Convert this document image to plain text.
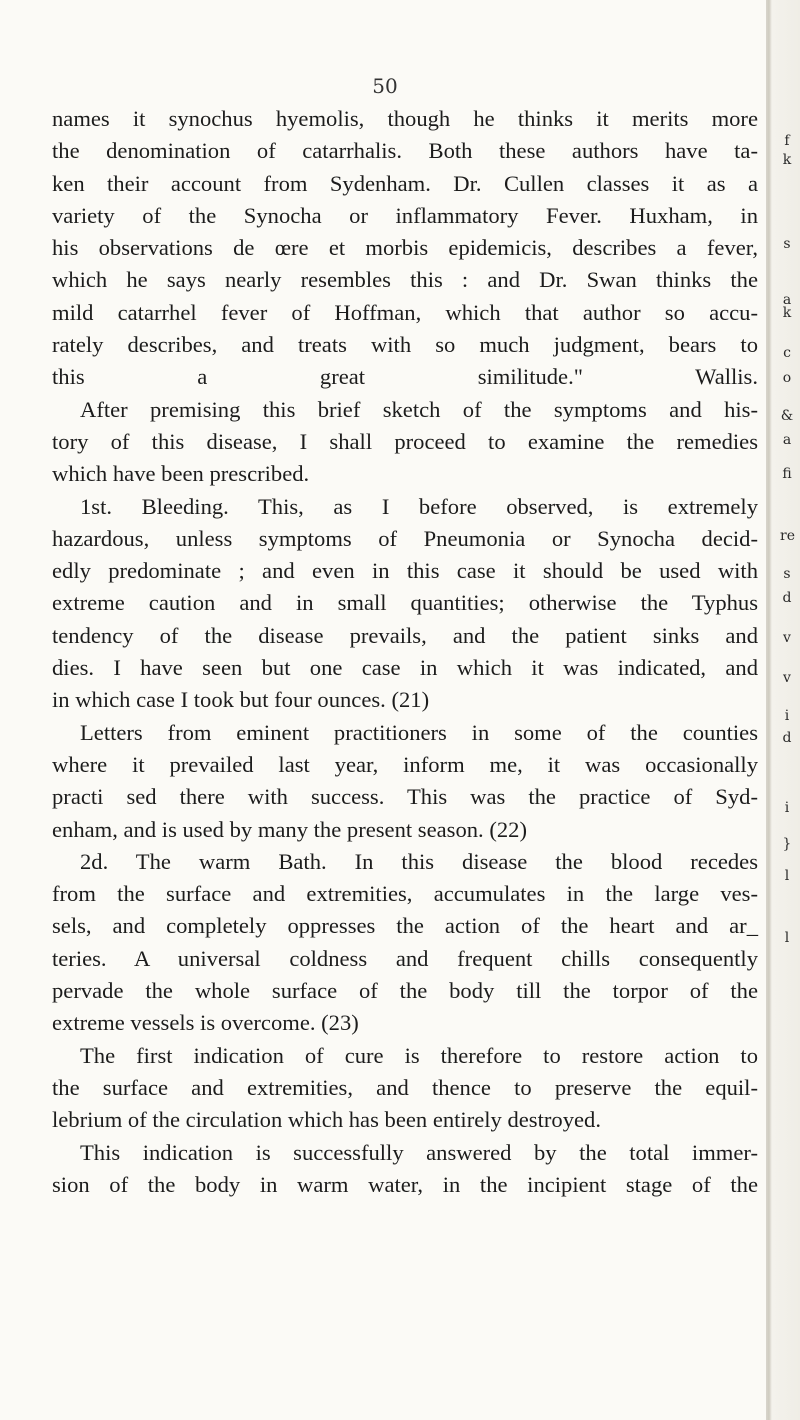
f
k
s
a
k
c
o
&
a
fi
re
s
d
v
v
i
d
i
}
l
l
50
names it synochus hyemolis, though he thinks it merits more
the denomination of catarrhalis. Both these authors have ta-
ken their account from Sydenham. Dr. Cullen classes it as a
variety of the Synocha or inflammatory Fever. Huxham, in
his observations de œre et morbis epidemicis, describes a fever,
which he says nearly resembles this : and Dr. Swan thinks the
mild catarrhel fever of Hoffman, which that author so accu-
rately describes, and treats with so much judgment, bears to
this a great similitude." Wallis.
After premising this brief sketch of the symptoms and his-
tory of this disease, I shall proceed to examine the remedies
which have been prescribed.
1st. Bleeding. This, as I before observed, is extremely
hazardous, unless symptoms of Pneumonia or Synocha decid-
edly predominate ; and even in this case it should be used with
extreme caution and in small quantities; otherwise the Typhus
tendency of the disease prevails, and the patient sinks and
dies. I have seen but one case in which it was indicated, and
in which case I took but four ounces. (21)
Letters from eminent practitioners in some of the counties
where it prevailed last year, inform me, it was occasionally
practi sed there with success. This was the practice of Syd-
enham, and is used by many the present season. (22)
2d. The warm Bath. In this disease the blood recedes
from the surface and extremities, accumulates in the large ves-
sels, and completely oppresses the action of the heart and ar_
teries. A universal coldness and frequent chills consequently
pervade the whole surface of the body till the torpor of the
extreme vessels is overcome. (23)
The first indication of cure is therefore to restore action to
the surface and extremities, and thence to preserve the equil-
lebrium of the circulation which has been entirely destroyed.
This indication is successfully answered by the total immer-
sion of the body in warm water, in the incipient stage of the
